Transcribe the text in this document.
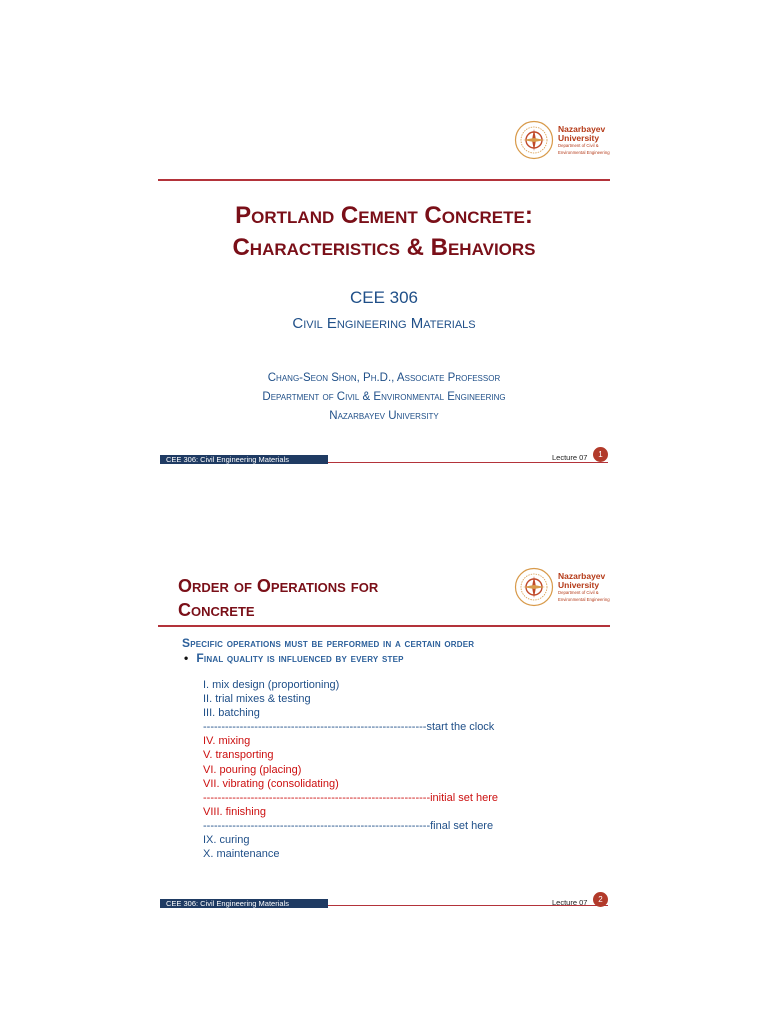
Nazarbayev
University
Department of Civil &
Environmental Engineering
Portland Cement Concrete:
Characteristics & Behaviors
CEE 306
Civil Engineering Materials
Chang-Seon Shon, Ph.D., Associate Professor
Department of Civil & Environmental Engineering
Nazarbayev University
CEE 306: Civil Engineering Materials	Lecture 07	1
Nazarbayev
University
Department of Civil &
Environmental Engineering
Order of Operations for
Concrete
Specific operations must be performed in a certain order
• Final quality is influenced by every step
I. mix design (proportioning)
II. trial mixes & testing
III. batching
-------------------------------------------------------------start the clock
IV. mixing
V. transporting
VI. pouring (placing)
VII. vibrating (consolidating)
--------------------------------------------------------------initial set here
VIII. finishing
--------------------------------------------------------------final set here
IX. curing
X. maintenance
CEE 306: Civil Engineering Materials	Lecture 07	2
